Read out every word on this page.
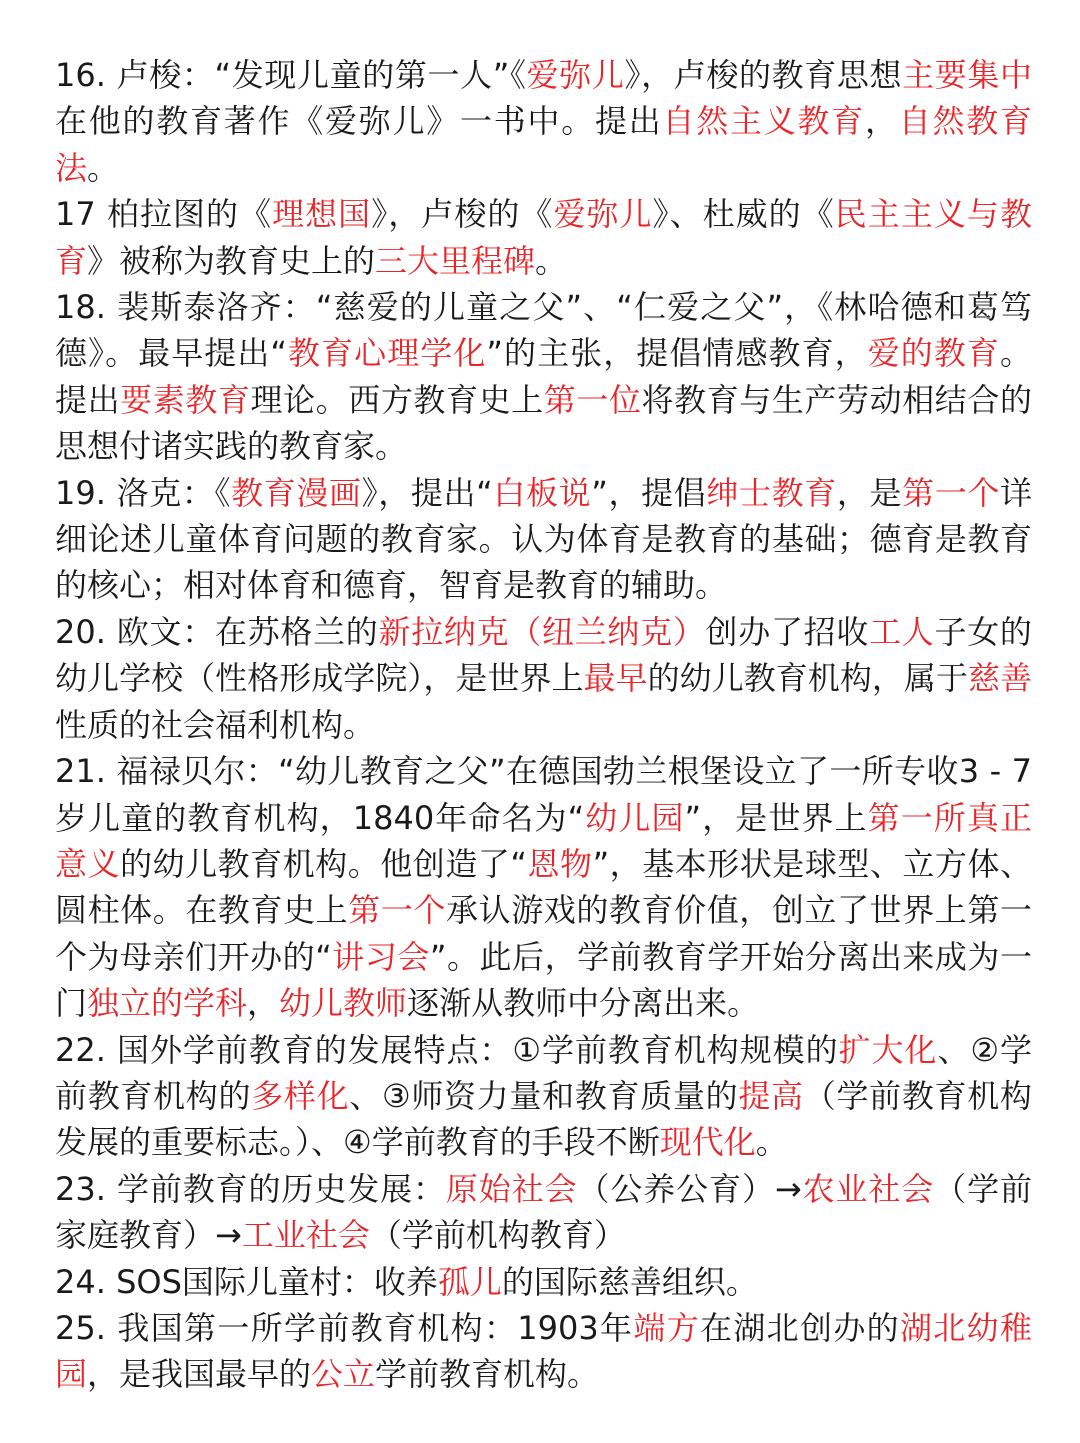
16. 卢梭：“发现儿童的第一人”《爱弥儿》，卢梭的教育思想主要集中在他的教育著作《爱弥儿》一书中。提出自然主义教育，自然教育法。

17 柏拉图的《理想国》，卢梭的《爱弥儿》、杜威的《民主主义与教育》被称为教育史上的三大里程碑。

18. 裴斯泰洛齐：“慈爱的儿童之父”、“仁爱之父”，《林哈德和葛笃德》。最早提出“教育心理学化”的主张，提倡情感教育，爱的教育。提出要素教育理论。西方教育史上第一位将教育与生产劳动相结合的思想付诸实践的教育家。

19. 洛克：《教育漫画》，提出“白板说”，提倡绅士教育，是第一个详细论述儿童体育问题的教育家。认为体育是教育的基础；德育是教育的核心；相对体育和德育，智育是教育的辅助。

20. 欧文：在苏格兰的新拉纳克（纽兰纳克）创办了招收工人子女的幼儿学校（性格形成学院），是世界上最早的幼儿教育机构，属于慈善性质的社会福利机构。

21. 福禄贝尔：“幼儿教育之父”在德国勃兰根堡设立了一所专收3 - 7岁儿童的教育机构，1840年命名为“幼儿园”，是世界上第一所真正意义的幼儿教育机构。他创造了“恩物”，基本形状是球型、立方体、圆柱体。在教育史上第一个承认游戏的教育价值，创立了世界上第一个为母亲们开办的“讲习会”。此后，学前教育学开始分离出来成为一门独立的学科，幼儿教师逐渐从教师中分离出来。

22. 国外学前教育的发展特点：①学前教育机构规模的扩大化、②学前教育机构的多样化、③师资力量和教育质量的提高（学前教育机构发展的重要标志。）、④学前教育的手段不断现代化。

23. 学前教育的历史发展：原始社会（公养公育）→农业社会（学前家庭教育）→工业社会（学前机构教育）

24. SOS国际儿童村：收养孤儿的国际慈善组织。

25. 我国第一所学前教育机构：1903年端方在湖北创办的湖北幼稚园，是我国最早的公立学前教育机构。
